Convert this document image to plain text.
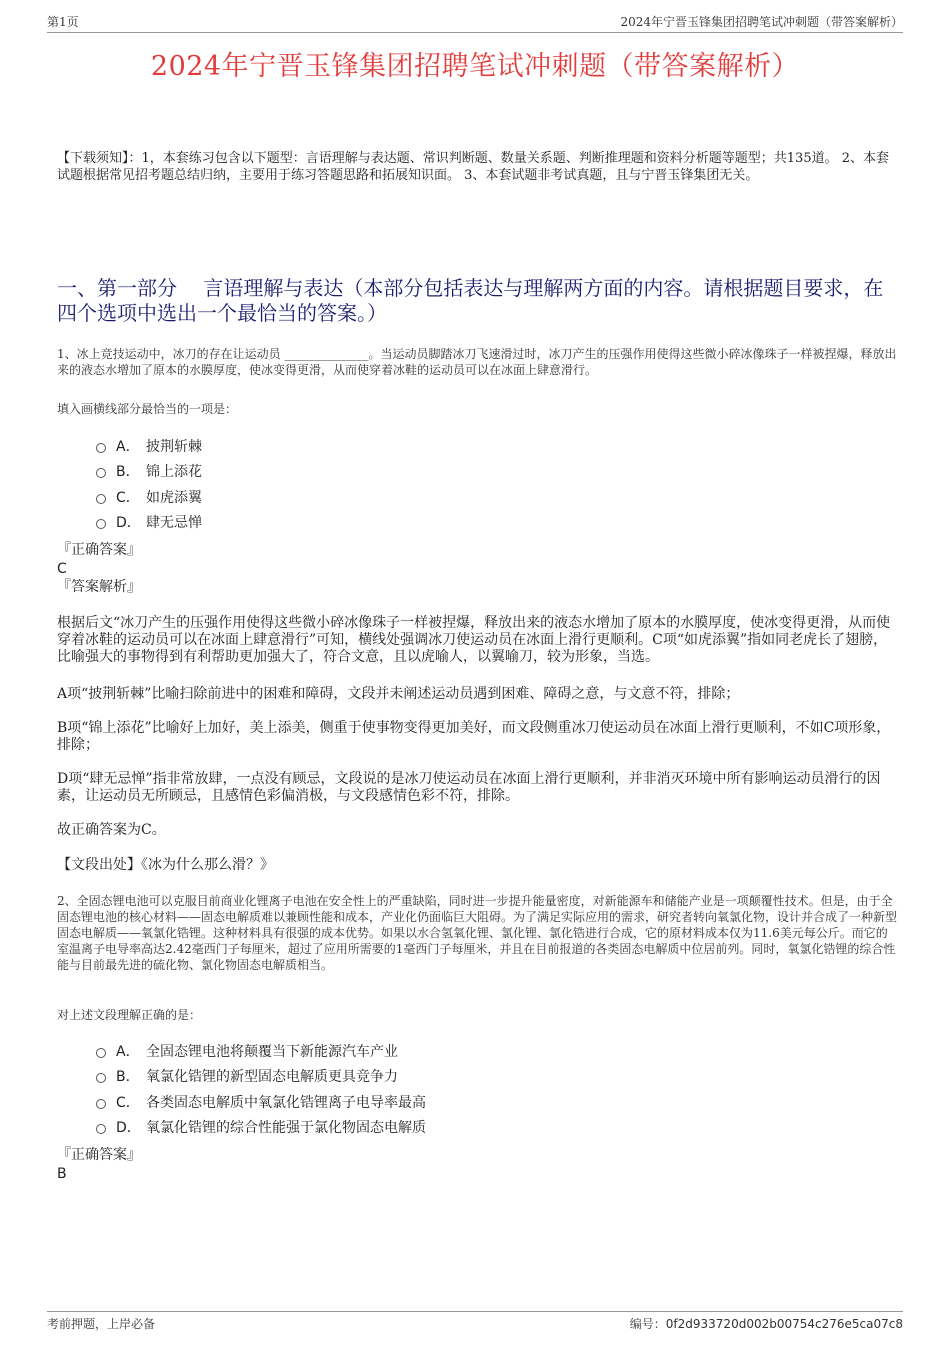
第1页	2024年宁晋玉锋集团招聘笔试冲刺题（带答案解析）
2024年宁晋玉锋集团招聘笔试冲刺题（带答案解析）

【下载须知】：1，本套练习包含以下题型：言语理解与表达题、常识判断题、数量关系题、判断推理题和资料分析题等题型；共135道。 2、本套试题根据常见招考题总结归纳，主要用于练习答题思路和拓展知识面。 3、本套试题非考试真题，且与宁晋玉锋集团无关。

一、第一部分　 言语理解与表达（本部分包括表达与理解两方面的内容。请根据题目要求，在四个选项中选出一个最恰当的答案。）

1、冰上竞技运动中，冰刀的存在让运动员 ______________。当运动员脚踏冰刀飞速滑过时，冰刀产生的压强作用使得这些微小碎冰像珠子一样被捏爆，释放出来的液态水增加了原本的水膜厚度，使冰变得更滑，从而使穿着冰鞋的运动员可以在冰面上肆意滑行。

填入画横线部分最恰当的一项是：

A． 披荆斩棘
B． 锦上添花
C． 如虎添翼
D． 肆无忌惮

『正确答案』

C

『答案解析』

根据后文“冰刀产生的压强作用使得这些微小碎冰像珠子一样被捏爆，释放出来的液态水增加了原本的水膜厚度，使冰变得更滑，从而使穿着冰鞋的运动员可以在冰面上肆意滑行”可知，横线处强调冰刀使运动员在冰面上滑行更顺利。C项“如虎添翼”指如同老虎长了翅膀，比喻强大的事物得到有利帮助更加强大了，符合文意，且以虎喻人，以翼喻刀，较为形象，当选。

A项“披荆斩棘”比喻扫除前进中的困难和障碍，文段并未阐述运动员遇到困难、障碍之意，与文意不符，排除；

B项“锦上添花”比喻好上加好，美上添美，侧重于使事物变得更加美好，而文段侧重冰刀使运动员在冰面上滑行更顺利，不如C项形象，排除；

D项“肆无忌惮”指非常放肆，一点没有顾忌，文段说的是冰刀使运动员在冰面上滑行更顺利，并非消灭环境中所有影响运动员滑行的因素，让运动员无所顾忌，且感情色彩偏消极，与文段感情色彩不符，排除。

故正确答案为C。

【文段出处】《冰为什么那么滑？》

2、全固态锂电池可以克服目前商业化锂离子电池在安全性上的严重缺陷，同时进一步提升能量密度，对新能源车和储能产业是一项颠覆性技术。但是，由于全固态锂电池的核心材料——固态电解质难以兼顾性能和成本，产业化仍面临巨大阻碍。为了满足实际应用的需求，研究者转向氧氯化物，设计并合成了一种新型固态电解质——氧氯化锆锂。这种材料具有很强的成本优势。如果以水合氢氧化锂、氯化锂、氯化锆进行合成，它的原材料成本仅为11.6美元每公斤。而它的室温离子电导率高达2.42毫西门子每厘米，超过了应用所需要的1毫西门子每厘米，并且在目前报道的各类固态电解质中位居前列。同时，氧氯化锆锂的综合性能与目前最先进的硫化物、氯化物固态电解质相当。

对上述文段理解正确的是：

A． 全固态锂电池将颠覆当下新能源汽车产业
B． 氧氯化锆锂的新型固态电解质更具竞争力
C． 各类固态电解质中氧氯化锆锂离子电导率最高
D． 氧氯化锆锂的综合性能强于氯化物固态电解质

『正确答案』

B

考前押题，上岸必备	编号：0f2d933720d002b00754c276e5ca07c8
